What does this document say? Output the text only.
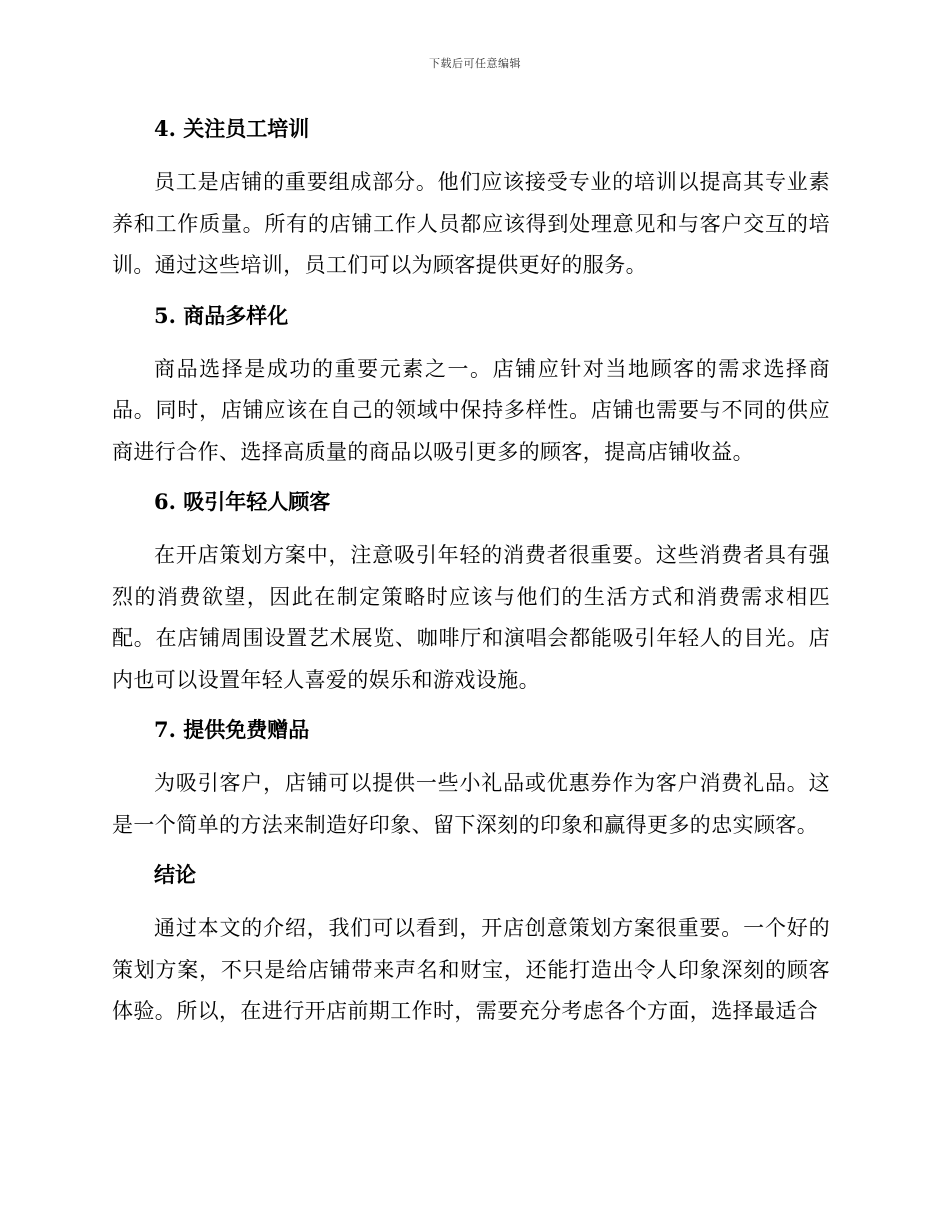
下载后可任意编辑
4. 关注员工培训

员工是店铺的重要组成部分。他们应该接受专业的培训以提高其专业素养和工作质量。所有的店铺工作人员都应该得到处理意见和与客户交互的培训。通过这些培训，员工们可以为顾客提供更好的服务。

5. 商品多样化

商品选择是成功的重要元素之一。店铺应针对当地顾客的需求选择商品。同时，店铺应该在自己的领域中保持多样性。店铺也需要与不同的供应商进行合作、选择高质量的商品以吸引更多的顾客，提高店铺收益。

6. 吸引年轻人顾客

在开店策划方案中，注意吸引年轻的消费者很重要。这些消费者具有强烈的消费欲望，因此在制定策略时应该与他们的生活方式和消费需求相匹配。在店铺周围设置艺术展览、咖啡厅和演唱会都能吸引年轻人的目光。店内也可以设置年轻人喜爱的娱乐和游戏设施。

7. 提供免费赠品

为吸引客户，店铺可以提供一些小礼品或优惠券作为客户消费礼品。这是一个简单的方法来制造好印象、留下深刻的印象和赢得更多的忠实顾客。

结论

通过本文的介绍，我们可以看到，开店创意策划方案很重要。一个好的策划方案，不只是给店铺带来声名和财宝，还能打造出令人印象深刻的顾客体验。所以，在进行开店前期工作时，需要充分考虑各个方面，选择最适合
